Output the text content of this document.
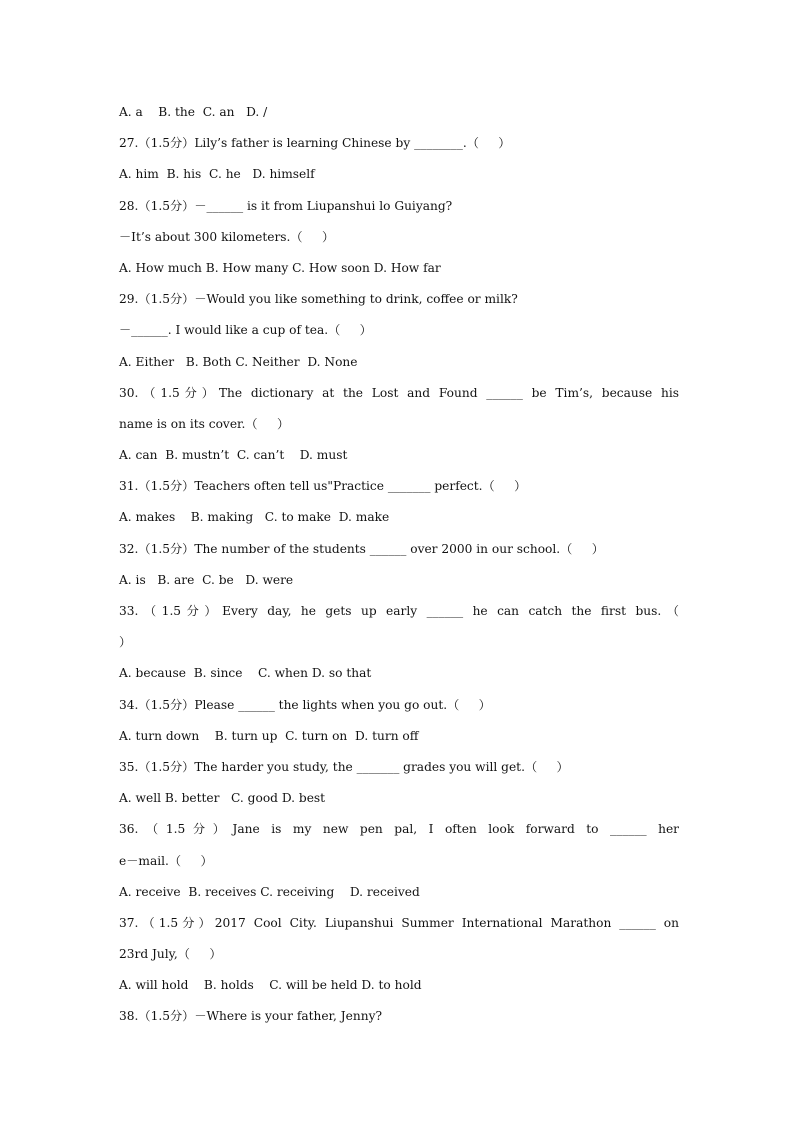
A. a    B. the  C. an   D. /
27.（1.5分）Lily’s father is learning Chinese by ________.（     ）
A. him  B. his  C. he   D. himself
28.（1.5分）－______ is it from Liupanshui lo Guiyang?
－It’s about 300 kilometers.（     ）
A. How much B. How many C. How soon D. How far
29.（1.5分）－Would you like something to drink, coffee or milk?
－______. I would like a cup of tea.（     ）
A. Either   B. Both C. Neither  D. None
30.（1.5分）The dictionary at the Lost and Found ______ be Tim’s, because his
name is on its cover.（     ）
A. can  B. mustn’t  C. can’t    D. must
31.（1.5分）Teachers often tell us"Practice _______ perfect.（     ）
A. makes    B. making   C. to make  D. make
32.（1.5分）The number of the students ______ over 2000 in our school.（     ）
A. is   B. are  C. be   D. were
33.（1.5分）Every day, he gets up early ______ he can catch the first bus.（
）
A. because  B. since    C. when D. so that
34.（1.5分）Please ______ the lights when you go out.（     ）
A. turn down    B. turn up  C. turn on  D. turn off
35.（1.5分）The harder you study, the _______ grades you will get.（     ）
A. well B. better   C. good D. best
36.（1.5分）Jane is my new pen pal, I often look forward to ______ her
e－mail.（     ）
A. receive  B. receives C. receiving    D. received
37.（1.5分）2017 Cool City. Liupanshui Summer International Marathon ______ on
23rd July,（     ）
A. will hold    B. holds    C. will be held D. to hold
38.（1.5分）－Where is your father, Jenny?
